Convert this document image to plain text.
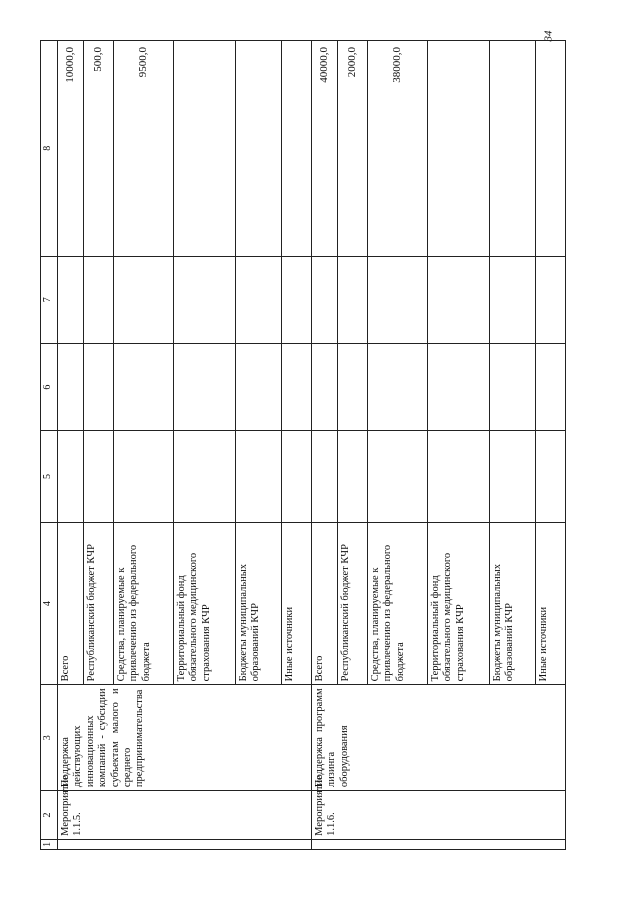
34
1	2	3	4	5	6	7	8
	Мероприятие 1.1.5.	Поддержка действующих инновационных компаний - субсидии субъектам малого и среднего предпринимательства	Всего				10000,0
			Республиканский бюджет КЧР				500,0
			Средства, планируемые к привлечению из федерального бюджета				9500,0
			Территориальный фонд обязательного медицинского страхования КЧР				
			Бюджеты муниципальных образований КЧР				
			Иные источники				
	Мероприятие 1.1.6.	Поддержка программ лизинга оборудования	Всего				40000,0
			Республиканский бюджет КЧР				2000,0
			Средства, планируемые к привлечению из федерального бюджета				38000,0
			Территориальный фонд обязательного медицинского страхования КЧР				
			Бюджеты муниципальных образований КЧР				
			Иные источники				
